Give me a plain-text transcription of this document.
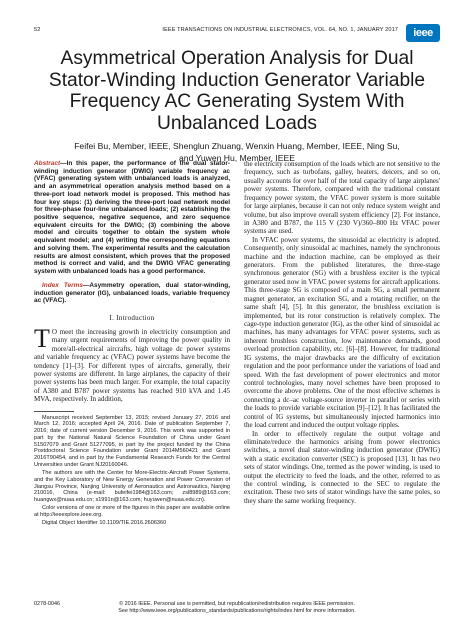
52	IEEE TRANSACTIONS ON INDUSTRIAL ELECTRONICS, VOL. 64, NO. 1, JANUARY 2017	ieee
Asymmetrical Operation Analysis for Dual Stator-Winding Induction Generator Variable Frequency AC Generating System With Unbalanced Loads
Feifei Bu, Member, IEEE, Shenglun Zhuang, Wenxin Huang, Member, IEEE, Ning Su,
and Yuwen Hu, Member, IEEE

Abstract—In this paper, the performance of the dual stator-winding induction generator (DWIG) variable frequency ac (VFAC) generating system with unbalanced loads is analyzed, and an asymmetrical operation analysis method based on a three-port load network model is proposed. This method has four key steps: (1) deriving the three-port load network model for three-phase four-line unbalanced loads; (2) establishing the positive sequence, negative sequence, and zero sequence equivalent circuits for the DWIG; (3) combining the above model and circuits together to obtain the system whole equivalent model; and (4) writing the corresponding equations and solving them. The experimental results and the calculation results are almost consistent, which proves that the proposed method is correct and valid, and the DWIG VFAC generating system with unbalanced loads has a good performance.

Index Terms—Asymmetry operation, dual stator-winding, induction generator (IG), unbalanced loads, variable frequency ac (VFAC).

I. Introduction

T O meet the increasing growth in electricity consumption and many urgent requirements of improving the power quality in more/all-electrical aircrafts, high voltage dc power systems and variable frequency ac (VFAC) power systems have become the tendency [1]–[3]. For different types of aircrafts, generally, their power systems are different. In large airplanes, the capacity of their power systems has been much larger. For example, the total capacity of A380 and B787 power systems has reached 910 kVA and 1.45 MVA, respectively. In addition,

Manuscript received September 13, 2015; revised January 27, 2016 and March 12, 2016; accepted April 24, 2016. Date of publication September 7, 2016; date of current version December 9, 2016. This work was supported in part by the National Natural Science Foundation of China under Grant 51507079 and Grant 51277095, in part by the project funded by the China Postdoctoral Science Foundation under Grant 2014M560421 and Grant 2016T90454, and in part by the Fundamental Research Funds for the Central Universities under Grant NJ20160046.

The authors are with the Center for More-Electric-Aircraft Power Systems, and the Key Laboratory of New Energy Generation and Power Conversion of Jiangsu Province, Nanjing University of Aeronautics and Astronautics, Nanjing 210016, China (e-mail: bufeifei1984@163.com; zsl8989@163.com; huangwx@nuaa.edu.cn; s1991n@163.com; huyuwen@nuaa.edu.cn).

Color versions of one or more of the figures in this paper are available online at http://ieeexplore.ieee.org.

Digital Object Identifier 10.1109/TIE.2016.2606360

the electricity consumption of the loads which are not sensitive to the frequency, such as turbofans, galley, heaters, deicers, and so on, usually accounts for over half of the total capacity of large airplanes' power systems. Therefore, compared with the traditional constant frequency power system, the VFAC power system is more suitable for large airplanes, because it can not only reduce system weight and volume, but also improve overall system efficiency [2]. For instance, in A380 and B787, the 115 V (230 V)/360–800 Hz VFAC power systems are used.

In VFAC power systems, the sinusoidal ac electricity is adopted. Consequently, only sinusoidal ac machines, namely the synchronous machine and the induction machine, can be employed as their generators. From the published literatures, the three-stage synchronous generator (SG) with a brushless exciter is the typical generator used now in VFAC power systems for aircraft applications. This three-stage SG is composed of a main SG, a small permanent magnet generator, an excitation SG, and a rotating rectifier, on the same shaft [4], [5]. In this generator, the brushless excitation is implemented, but its rotor construction is relatively complex. The cage-type induction generator (IG), as the other kind of sinusoidal ac machines, has many advantages for VFAC power systems, such as inherent brushless construction, low maintenance demands, good overload protection capability, etc. [6]–[8]. However, for traditional IG systems, the major drawbacks are the difficulty of excitation regulation and the poor performance under the variations of load and speed. With the fast development of power electronics and motor control technologies, many novel schemes have been proposed to overcome the above problems. One of the most effective schemes is connecting a dc–ac voltage-source inverter in parallel or series with the loads to provide variable excitation [9]–[12]. It has facilitated the control of IG systems, but simultaneously injected harmonics into the load current and induced the output voltage ripples.

In order to effectively regulate the output voltage and eliminate/reduce the harmonics arising from power electronics switches, a novel dual stator-winding induction generator (DWIG) with a static excitation converter (SEC) is proposed [13]. It has two sets of stator windings. One, termed as the power winding, is used to output the electricity to feed the loads, and the other, referred to as the control winding, is connected to the SEC to regulate the excitation. These two sets of stator windings have the same poles, so they share the same working frequency.

0278-0046	© 2016 IEEE. Personal use is permitted, but republication/redistribution requires IEEE permission.
See http://www.ieee.org/publications_standards/publications/rights/index.html for more information.
